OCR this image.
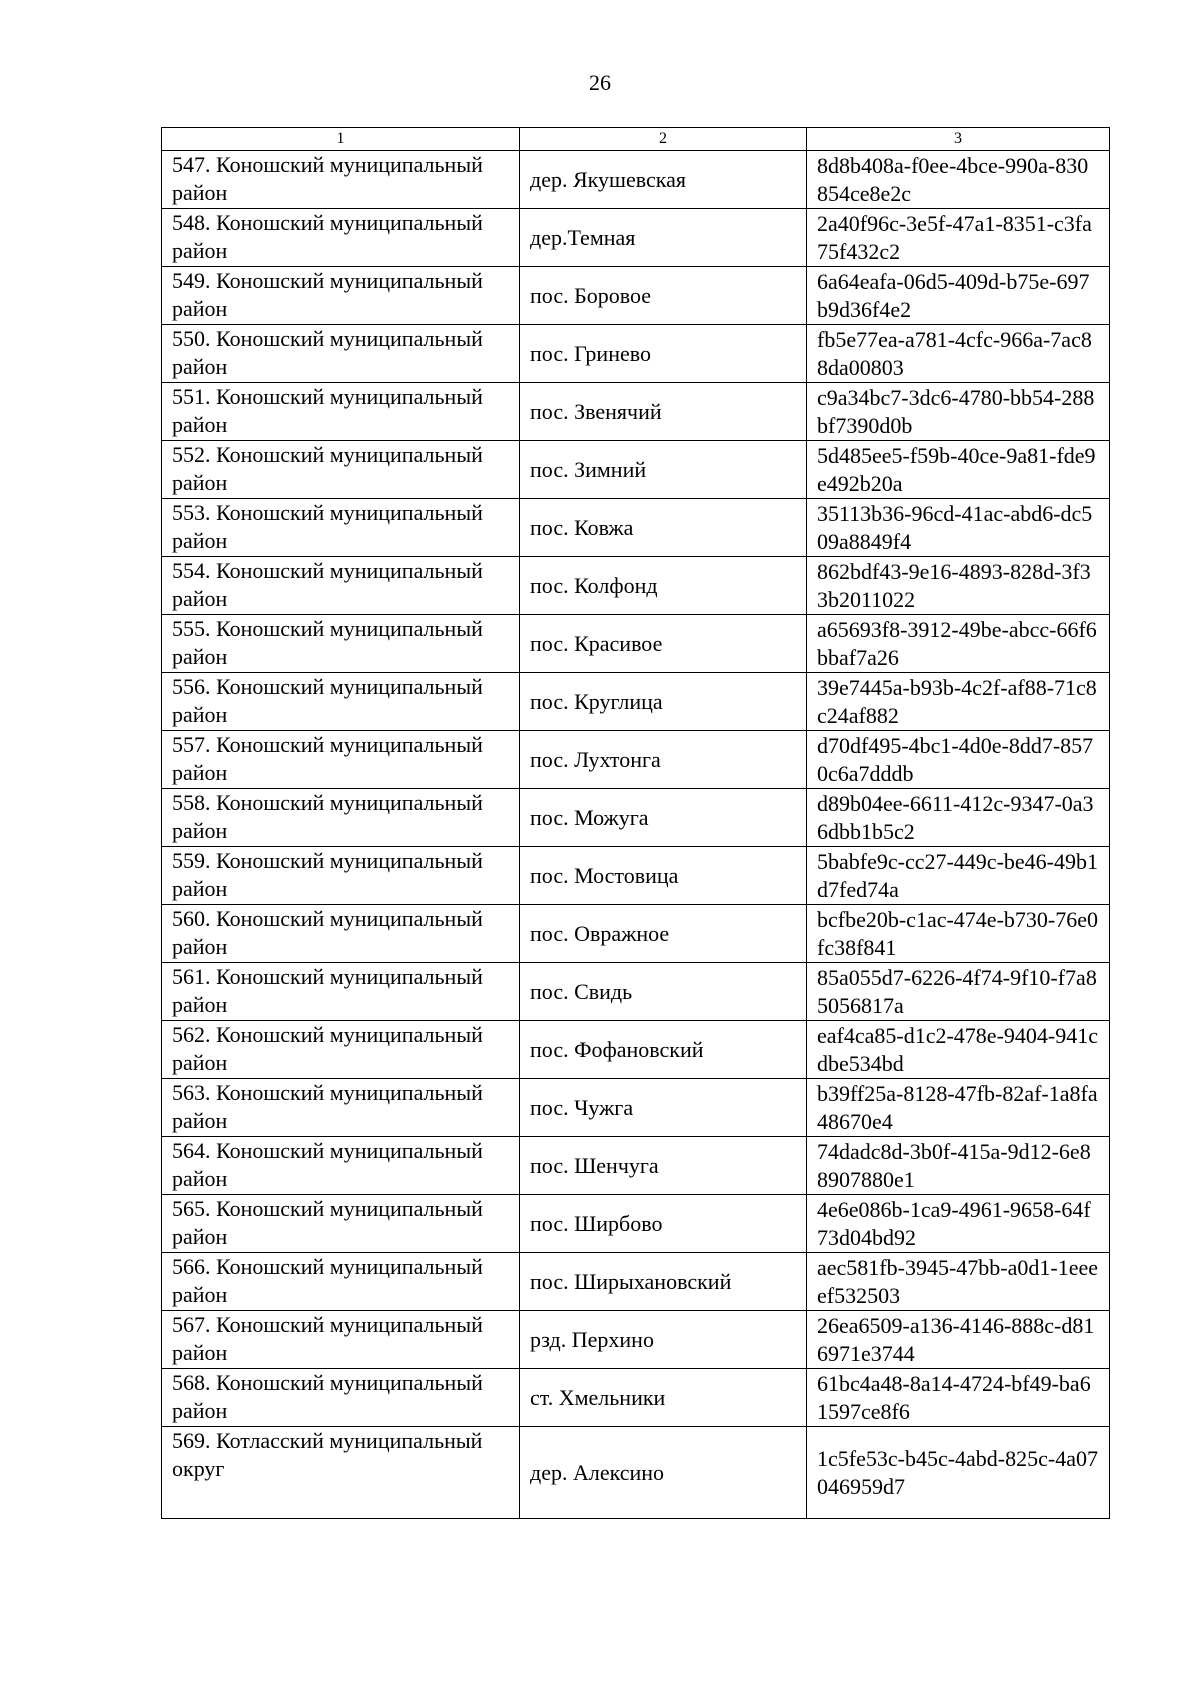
26
1	2	3
547. Коношский муниципальный район	дер. Якушевская	8d8b408a-f0ee-4bce-990a-830854ce8e2c
548. Коношский муниципальный район	дер.Темная	2a40f96c-3e5f-47a1-8351-c3fa75f432c2
549. Коношский муниципальный район	пос. Боровое	6a64eafa-06d5-409d-b75e-697b9d36f4e2
550. Коношский муниципальный район	пос. Гринево	fb5e77ea-a781-4cfc-966a-7ac88da00803
551. Коношский муниципальный район	пос. Звенячий	c9a34bc7-3dc6-4780-bb54-288bf7390d0b
552. Коношский муниципальный район	пос. Зимний	5d485ee5-f59b-40ce-9a81-fde9e492b20a
553. Коношский муниципальный район	пос. Ковжа	35113b36-96cd-41ac-abd6-dc509a8849f4
554. Коношский муниципальный район	пос. Колфонд	862bdf43-9e16-4893-828d-3f33b2011022
555. Коношский муниципальный район	пос. Красивое	a65693f8-3912-49be-abcc-66f6bbaf7a26
556. Коношский муниципальный район	пос. Круглица	39e7445a-b93b-4c2f-af88-71c8c24af882
557. Коношский муниципальный район	пос. Лухтонга	d70df495-4bc1-4d0e-8dd7-8570c6a7dddb
558. Коношский муниципальный район	пос. Можуга	d89b04ee-6611-412c-9347-0a36dbb1b5c2
559. Коношский муниципальный район	пос. Мостовица	5babfe9c-cc27-449c-be46-49b1d7fed74a
560. Коношский муниципальный район	пос. Овражное	bcfbe20b-c1ac-474e-b730-76e0fc38f841
561. Коношский муниципальный район	пос. Свидь	85a055d7-6226-4f74-9f10-f7a85056817a
562. Коношский муниципальный район	пос. Фофановский	eaf4ca85-d1c2-478e-9404-941cdbe534bd
563. Коношский муниципальный район	пос. Чужга	b39ff25a-8128-47fb-82af-1a8fa48670e4
564. Коношский муниципальный район	пос. Шенчуга	74dadc8d-3b0f-415a-9d12-6e88907880e1
565. Коношский муниципальный район	пос. Ширбово	4e6e086b-1ca9-4961-9658-64f73d04bd92
566. Коношский муниципальный район	пос. Ширыхановский	aec581fb-3945-47bb-a0d1-1eeeef532503
567. Коношский муниципальный район	рзд. Перхино	26ea6509-a136-4146-888c-d816971e3744
568. Коношский муниципальный район	ст. Хмельники	61bc4a48-8a14-4724-bf49-ba61597ce8f6
569. Котласский муниципальный округ	дер. Алексино	1c5fe53c-b45c-4abd-825c-4a07046959d7
